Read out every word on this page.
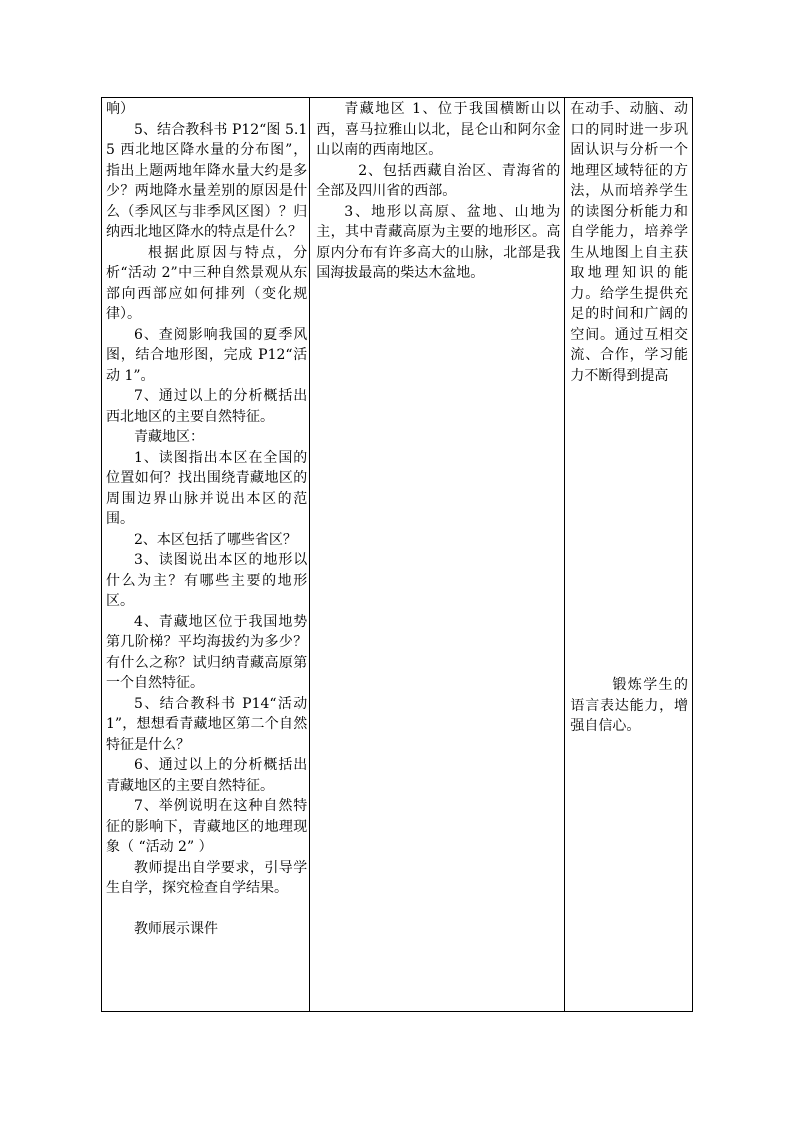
响）

5、结合教科书 P12“图 5.15 西北地区降水量的分布图”，指出上题两地年降水量大约是多少？两地降水量差别的原因是什么（季风区与非季风区图）？归纳西北地区降水的特点是什么？

根据此原因与特点，分析“活动 2”中三种自然景观从东部向西部应如何排列（变化规律）。

6、查阅影响我国的夏季风图，结合地形图，完成 P12“活动 1”。

7、通过以上的分析概括出西北地区的主要自然特征。

青藏地区：

1、读图指出本区在全国的位置如何？找出围绕青藏地区的周围边界山脉并说出本区的范围。

2、本区包括了哪些省区？

3、读图说出本区的地形以什么为主？有哪些主要的地形区。

4、青藏地区位于我国地势第几阶梯？平均海拔约为多少？有什么之称？试归纳青藏高原第一个自然特征。

5、结合教科书 P14“活动 1”，想想看青藏地区第二个自然特征是什么？

6、通过以上的分析概括出青藏地区的主要自然特征。

7、举例说明在这种自然特征的影响下，青藏地区的地理现象（ “活动 2” ）

教师提出自学要求，引导学生自学，探究检查自学结果。

教师展示课件

青藏地区 1、位于我国横断山以西，喜马拉雅山以北，昆仑山和阿尔金山以南的西南地区。

2、包括西藏自治区、青海省的全部及四川省的西部。

3、地形以高原、盆地、山地为主，其中青藏高原为主要的地形区。高原内分布有许多高大的山脉，北部是我国海拔最高的柴达木盆地。

在动手、动脑、动口的同时进一步巩固认识与分析一个地理区域特征的方法，从而培养学生的读图分析能力和自学能力，培养学生从地图上自主获取地理知识的能力。给学生提供充足的时间和广阔的空间。通过互相交流、合作，学习能力不断得到提高

锻炼学生的语言表达能力，增强自信心。
